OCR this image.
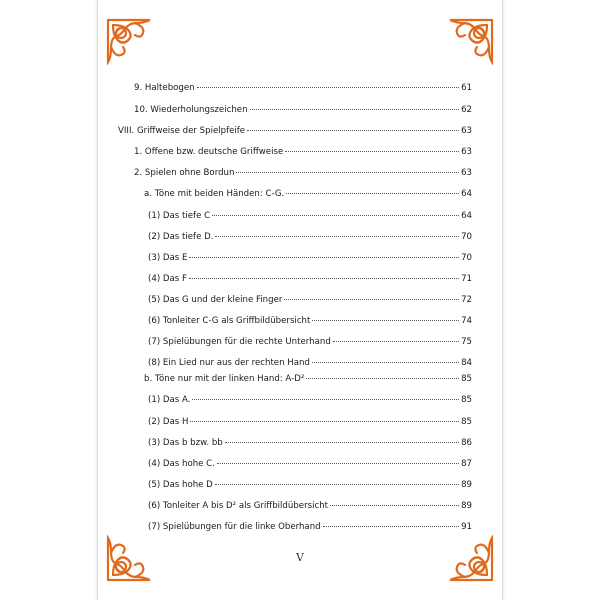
9. Haltebogen	61
10. Wiederholungszeichen	62
VIII. Griffweise der Spielpfeife	63
1. Offene bzw. deutsche Griffweise	63
2. Spielen ohne Bordun	63
a. Töne mit beiden Händen: C-G.	64
(1) Das tiefe C	64
(2) Das tiefe D.	70
(3) Das E	70
(4) Das F	71
(5) Das G und der kleine Finger	72
(6) Tonleiter C-G als Griffbildübersicht	74
(7) Spielübungen für die rechte Unterhand	75
(8) Ein Lied nur aus der rechten Hand	84
b. Töne nur mit der linken Hand: A-D²	85
(1) Das A.	85
(2) Das H	85
(3) Das b bzw. bb	86
(4) Das hohe C.	87
(5) Das hohe D	89
(6) Tonleiter A bis D² als Griffbildübersicht	89
(7) Spielübungen für die linke Oberhand	91
V
